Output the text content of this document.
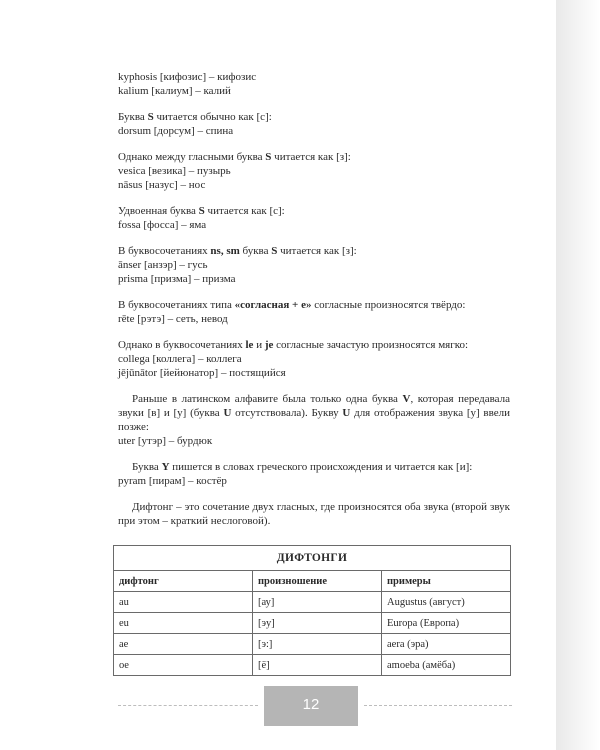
kyphosis [кифозис] – кифозис
kalium [калиум] – калий
Буква S читается обычно как [с]:
dorsum [дорсум] – спина
Однако между гласными буква S читается как [з]:
vesica [везика] – пузырь
nāsus [назус] – нос
Удвоенная буква S читается как [с]:
fossa [фосса] – яма
В буквосочетаниях ns, sm буква S читается как [з]:
ānser [анзэр] – гусь
prisma [призма] – призма
В буквосочетаниях типа «согласная + e» согласные произносятся твёрдо:
rēte [рэтэ] – сеть, невод
Однако в буквосочетаниях le и je согласные зачастую произносятся мягко:
collega [коллега] – коллега
jējūnātor [йейюнатор] – постящийся
Раньше в латинском алфавите была только одна буква V, которая передавала звуки [в] и [у] (буква U отсутствовала). Букву U для отображения звука [у] ввели позже:
uter [утэр] – бурдюк
Буква Y пишется в словах греческого происхождения и читается как [и]:
pyram [пирам] – костёр
Дифтонг – это сочетание двух гласных, где произносятся оба звука (второй звук при этом – краткий неслоговой).
ДИФТОНГИ		
дифтонг	произношение	примеры
au	[ау]	Augustus (август)
eu	[эу]	Europa (Европа)
ae	[э:]	aera (эра)
oe	[ё]	amoeba (амёба)
12
